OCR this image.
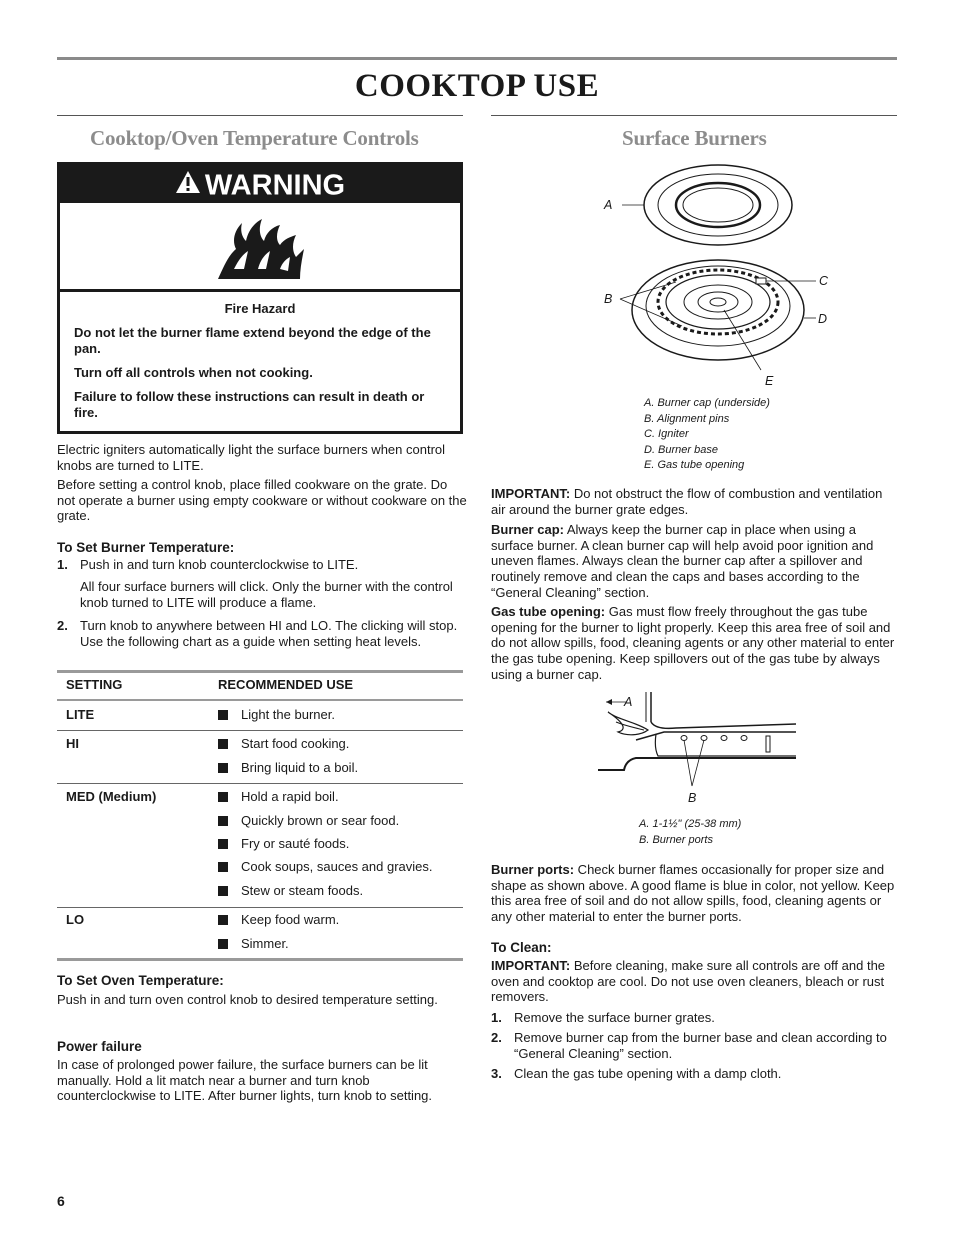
COOKTOP USE
Cooktop/Oven Temperature Controls
WARNING
Fire Hazard
Do not let the burner flame extend beyond the edge of the pan.
Turn off all controls when not cooking.
Failure to follow these instructions can result in death or fire.
Electric igniters automatically light the surface burners when control knobs are turned to LITE.
Before setting a control knob, place filled cookware on the grate. Do not operate a burner using empty cookware or without cookware on the grate.
To Set Burner Temperature:
1. Push in and turn knob counterclockwise to LITE.
All four surface burners will click. Only the burner with the control knob turned to LITE will produce a flame.
2. Turn knob to anywhere between HI and LO. The clicking will stop. Use the following chart as a guide when setting heat levels.
SETTING	RECOMMENDED USE
LITE	Light the burner.
HI	Start food cooking.
Bring liquid to a boil.
MED (Medium)	Hold a rapid boil.
Quickly brown or sear food.
Fry or sauté foods.
Cook soups, sauces and gravies.
Stew or steam foods.
LO	Keep food warm.
Simmer.
To Set Oven Temperature:
Push in and turn oven control knob to desired temperature setting.
Power failure
In case of prolonged power failure, the surface burners can be lit manually. Hold a lit match near a burner and turn knob counterclockwise to LITE. After burner lights, turn knob to setting.
Surface Burners
A
B
C
D
E
A. Burner cap (underside)
B. Alignment pins
C. Igniter
D. Burner base
E. Gas tube opening
IMPORTANT: Do not obstruct the flow of combustion and ventilation air around the burner grate edges.
Burner cap: Always keep the burner cap in place when using a surface burner. A clean burner cap will help avoid poor ignition and uneven flames. Always clean the burner cap after a spillover and routinely remove and clean the caps and bases according to the “General Cleaning” section.
Gas tube opening: Gas must flow freely throughout the gas tube opening for the burner to light properly. Keep this area free of soil and do not allow spills, food, cleaning agents or any other material to enter the gas tube opening. Keep spillovers out of the gas tube by always using a burner cap.
A
B
A. 1-1½" (25-38 mm)
B. Burner ports
Burner ports: Check burner flames occasionally for proper size and shape as shown above. A good flame is blue in color, not yellow. Keep this area free of soil and do not allow spills, food, cleaning agents or any other material to enter the burner ports.
To Clean:
IMPORTANT: Before cleaning, make sure all controls are off and the oven and cooktop are cool. Do not use oven cleaners, bleach or rust removers.
1. Remove the surface burner grates.
2. Remove burner cap from the burner base and clean according to “General Cleaning” section.
3. Clean the gas tube opening with a damp cloth.
6
